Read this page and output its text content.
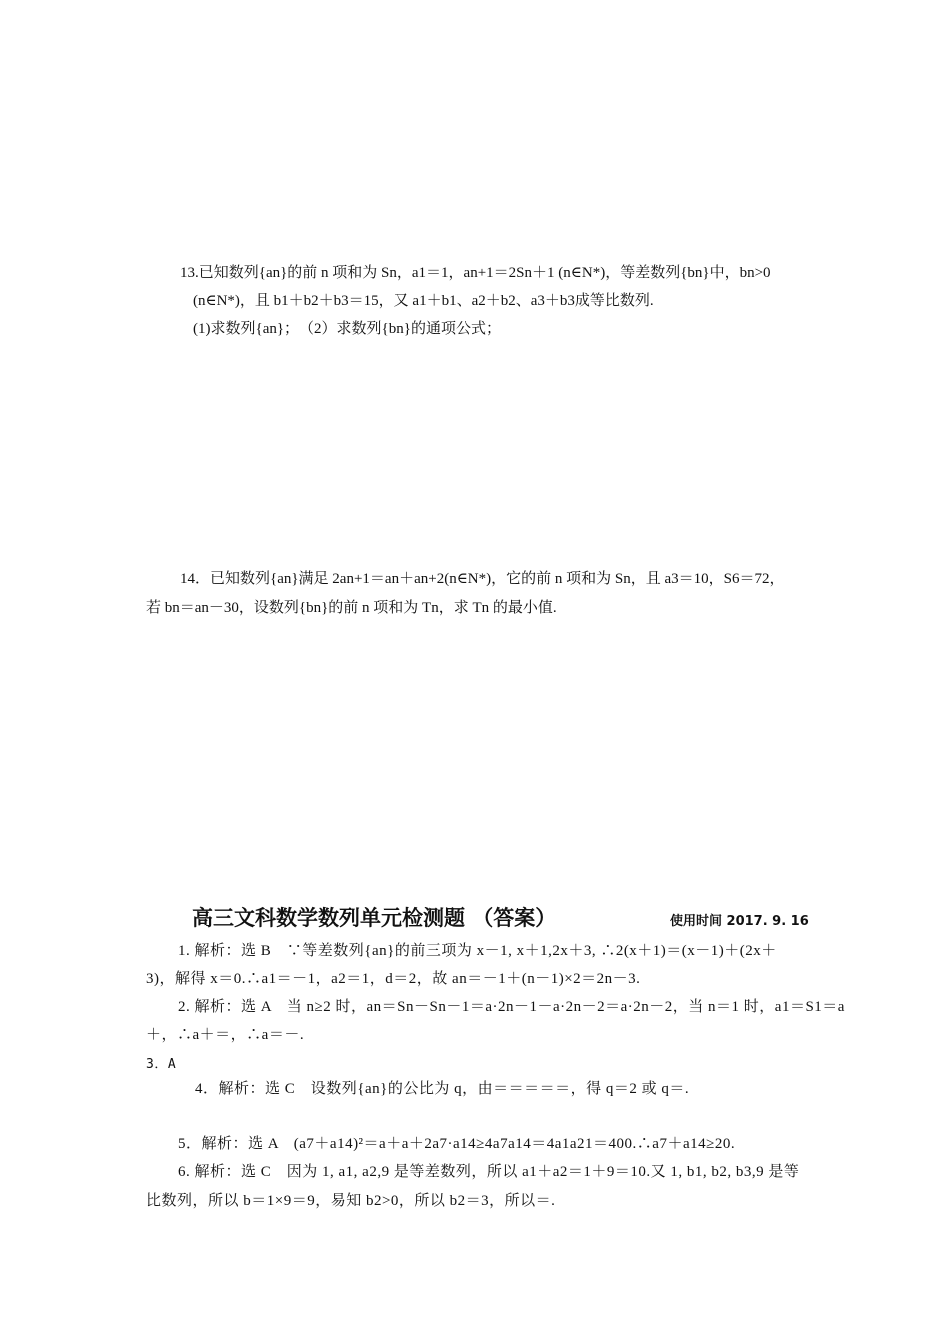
13.已知数列{an}的前 n 项和为 Sn，a1＝1，an+1＝2Sn＋1 (n∈N*)，等差数列{bn}中，bn>0
(n∈N*)，且 b1＋b2＋b3＝15，又 a1＋b1、a2＋b2、a3＋b3成等比数列.
(1)求数列{an}；　（2）求数列{bn}的通项公式；
14．已知数列{an}满足 2an+1＝an＋an+2(n∈N*)，它的前 n 项和为 Sn，且 a3＝10，S6＝72，
若 bn＝an－30，设数列{bn}的前 n 项和为 Tn，求 Tn 的最小值.
高三文科数学数列单元检测题 （答案）	使用时间 2017. 9. 16
1. 解析：选 B　∵等差数列{an}的前三项为 x－1, x＋1,2x＋3, ∴2(x＋1)＝(x－1)＋(2x＋
3)，解得 x＝0.∴a1＝－1，a2＝1，d＝2，故 an＝－1＋(n－1)×2＝2n－3.
2. 解析：选 A　当 n≥2 时，an＝Sn－Sn－1＝a·2n－1－a·2n－2＝a·2n－2，当 n＝1 时，a1＝S1＝a
＋，∴a＋＝，∴a＝－.
3．A
4．解析：选 C　设数列{an}的公比为 q，由＝＝＝＝＝，得 q＝2 或 q＝.
5．解析：选 A　(a7＋a14)²＝a＋a＋2a7·a14≥4a7a14＝4a1a21＝400.∴a7＋a14≥20.
6. 解析：选 C　因为 1, a1, a2,9 是等差数列，所以 a1＋a2＝1＋9＝10.又 1, b1, b2, b3,9 是等
比数列，所以 b＝1×9＝9，易知 b2>0，所以 b2＝3，所以＝.
